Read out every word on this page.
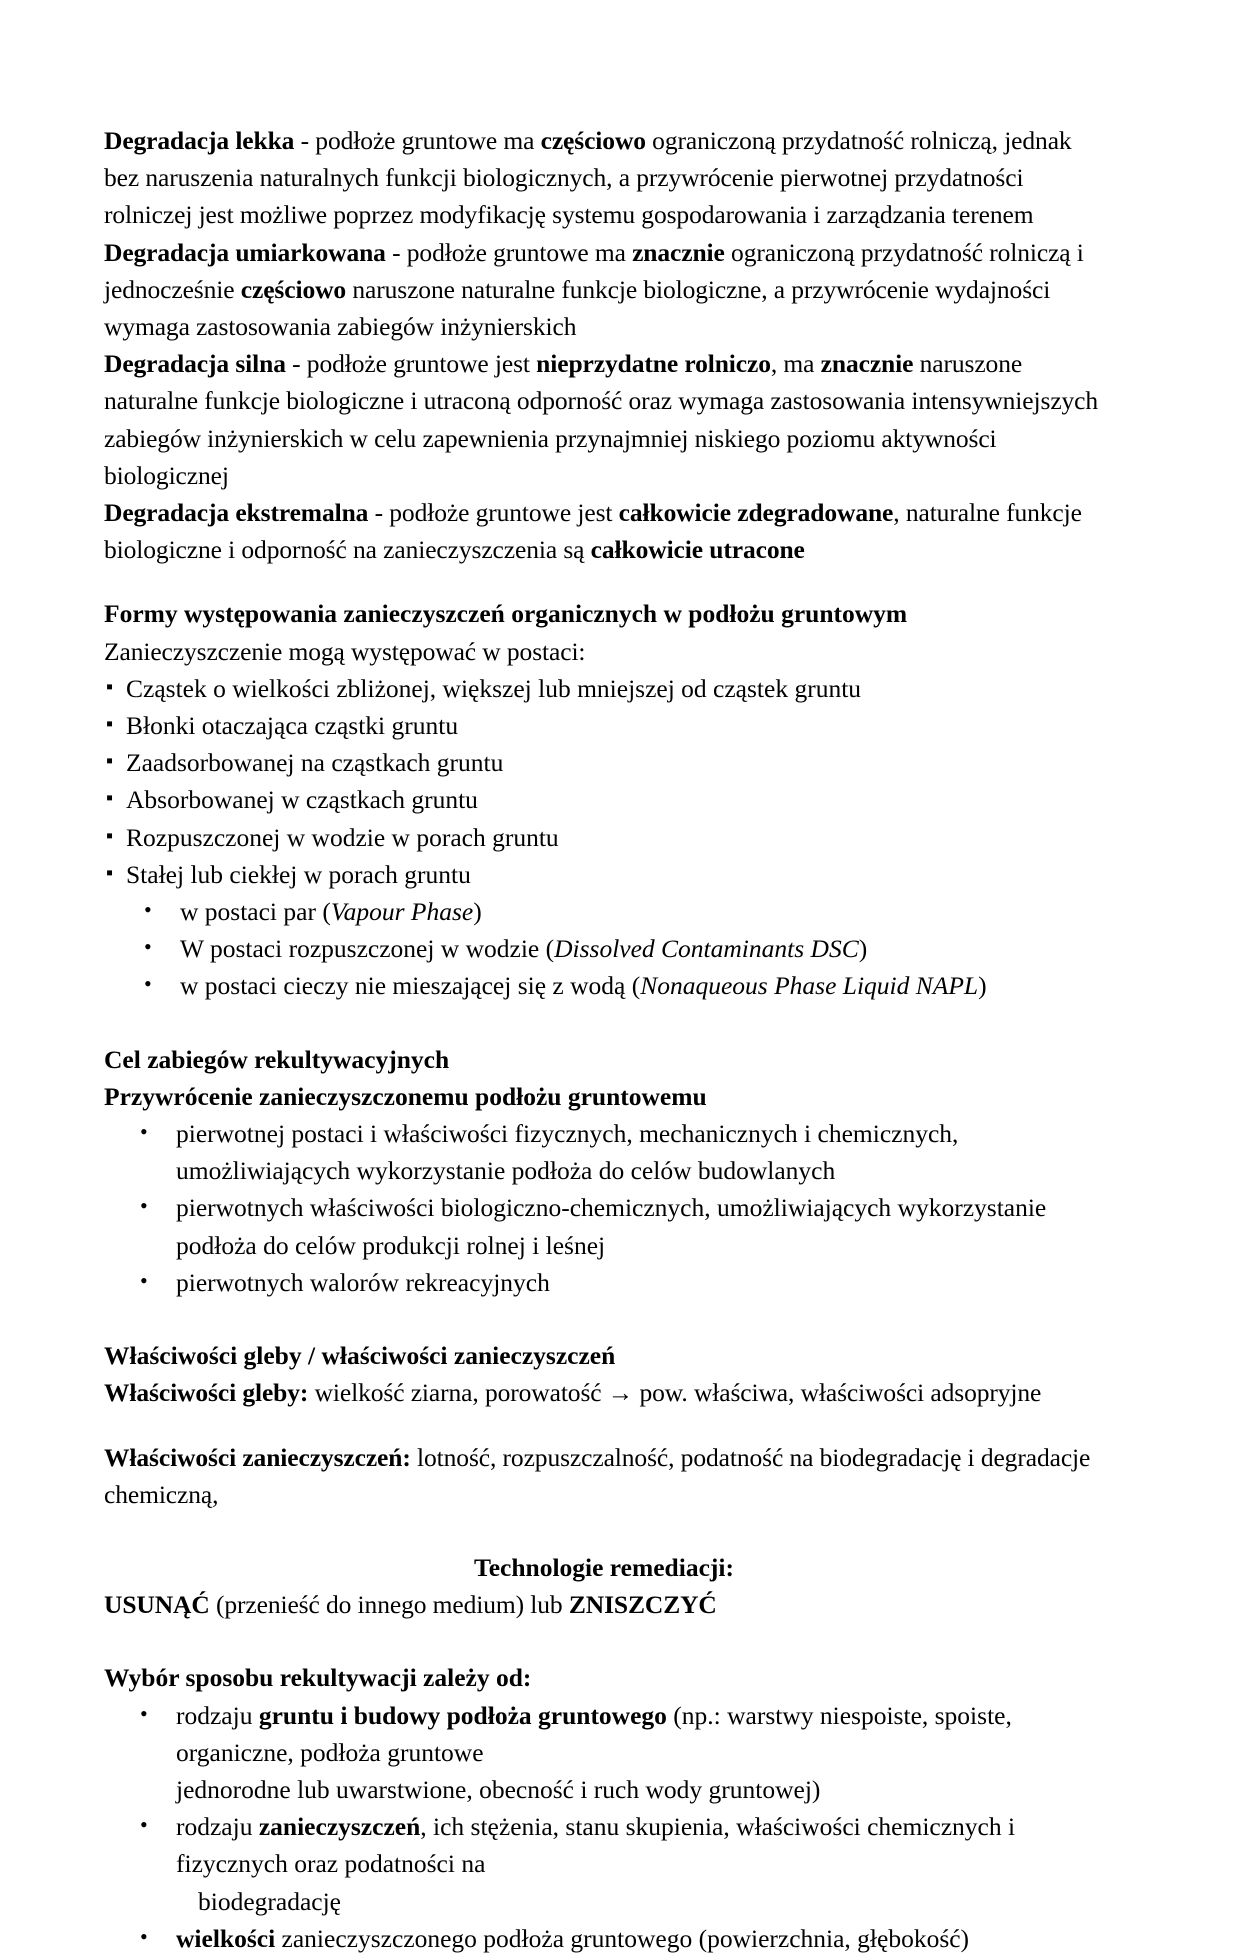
Degradacja lekka - podłoże gruntowe ma częściowo ograniczoną przydatność rolniczą, jednak bez naruszenia naturalnych funkcji biologicznych, a przywrócenie pierwotnej przydatności rolniczej jest możliwe poprzez modyfikację systemu gospodarowania i zarządzania terenem

Degradacja umiarkowana - podłoże gruntowe ma znacznie ograniczoną przydatność rolniczą i jednocześnie częściowo naruszone naturalne funkcje biologiczne, a przywrócenie wydajności wymaga zastosowania zabiegów inżynierskich

Degradacja silna - podłoże gruntowe jest nieprzydatne rolniczo, ma znacznie naruszone naturalne funkcje biologiczne i utraconą odporność oraz wymaga zastosowania intensywniejszych zabiegów inżynierskich w celu zapewnienia przynajmniej niskiego poziomu aktywności biologicznej

Degradacja ekstremalna - podłoże gruntowe jest całkowicie zdegradowane, naturalne funkcje biologiczne i odporność na zanieczyszczenia są całkowicie utracone

Formy występowania zanieczyszczeń organicznych w podłożu gruntowym

Zanieczyszczenie mogą występować w postaci:

▪ Cząstek o wielkości zbliżonej, większej lub mniejszej od cząstek gruntu
▪ Błonki otaczająca cząstki gruntu
▪ Zaadsorbowanej na cząstkach gruntu
▪ Absorbowanej w cząstkach gruntu
▪ Rozpuszczonej w wodzie w porach gruntu
▪ Stałej lub ciekłej w porach gruntu
• w postaci par (Vapour Phase)
• W postaci rozpuszczonej w wodzie (Dissolved Contaminants DSC)
• w postaci cieczy nie mieszającej się z wodą (Nonaqueous Phase Liquid NAPL)

Cel zabiegów rekultywacyjnych

Przywrócenie zanieczyszczonemu podłożu gruntowemu

• pierwotnej postaci i właściwości fizycznych, mechanicznych i chemicznych,
umożliwiających wykorzystanie podłoża do celów budowlanych
• pierwotnych właściwości biologiczno-chemicznych, umożliwiających wykorzystanie
podłoża do celów produkcji rolnej i leśnej
• pierwotnych walorów rekreacyjnych

Właściwości gleby / właściwości zanieczyszczeń

Właściwości gleby: wielkość ziarna, porowatość → pow. właściwa, właściwości adsopryjne

Właściwości zanieczyszczeń: lotność, rozpuszczalność, podatność na biodegradację i degradacje chemiczną,

Technologie remediacji:

USUNĄĆ (przenieść do innego medium) lub ZNISZCZYĆ

Wybór sposobu rekultywacji zależy od:

• rodzaju gruntu i budowy podłoża gruntowego (np.: warstwy niespoiste, spoiste,
organiczne, podłoża gruntowe
jednorodne lub uwarstwione, obecność i ruch wody gruntowej)
• rodzaju zanieczyszczeń, ich stężenia, stanu skupienia, właściwości chemicznych i
fizycznych oraz podatności na
biodegradację
• wielkości zanieczyszczonego podłoża gruntowego (powierzchnia, głębokość)
